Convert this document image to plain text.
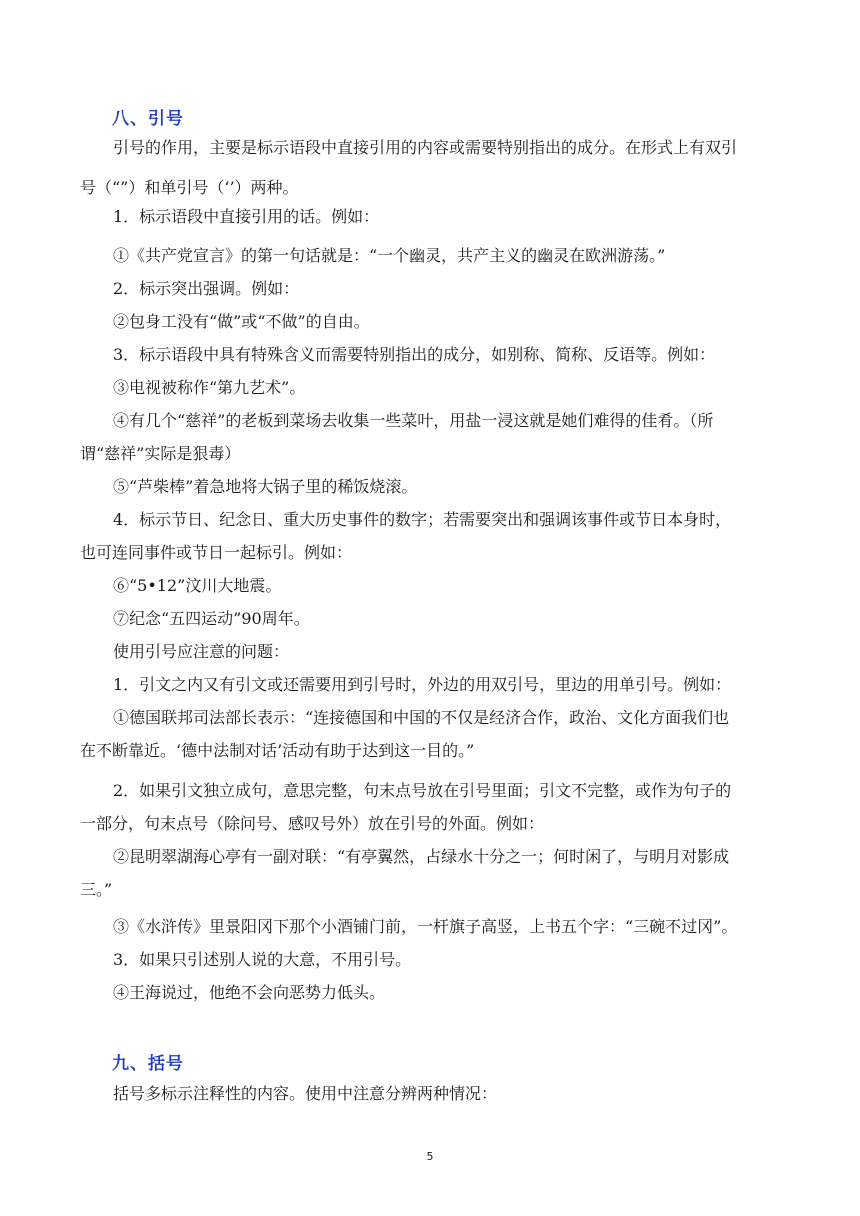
八、引号
引号的作用，主要是标示语段中直接引用的内容或需要特别指出的成分。在形式上有双引
号（“”）和单引号（‘’）两种。
1．标示语段中直接引用的话。例如：
①《共产党宣言》的第一句话就是：“一个幽灵，共产主义的幽灵在欧洲游荡。”
2．标示突出强调。例如：
②包身工没有“做”或“不做”的自由。
3．标示语段中具有特殊含义而需要特别指出的成分，如别称、简称、反语等。例如：
③电视被称作“第九艺术”。
④有几个“慈祥”的老板到菜场去收集一些菜叶，用盐一浸这就是她们难得的佳肴。（所
谓“慈祥”实际是狠毒）
⑤“芦柴棒”着急地将大锅子里的稀饭烧滚。
4．标示节日、纪念日、重大历史事件的数字；若需要突出和强调该事件或节日本身时，
也可连同事件或节日一起标引。例如：
⑥“5•12”汶川大地震。
⑦纪念“五四运动”90周年。
使用引号应注意的问题：
1．引文之内又有引文或还需要用到引号时，外边的用双引号，里边的用单引号。例如：
①德国联邦司法部长表示：“连接德国和中国的不仅是经济合作，政治、文化方面我们也
在不断靠近。‘德中法制对话’活动有助于达到这一目的。”
2．如果引文独立成句，意思完整，句末点号放在引号里面；引文不完整，或作为句子的
一部分，句末点号（除问号、感叹号外）放在引号的外面。例如：
②昆明翠湖海心亭有一副对联：“有亭翼然，占绿水十分之一；何时闲了，与明月对影成
三。”
③《水浒传》里景阳冈下那个小酒铺门前，一杆旗子高竖，上书五个字：“三碗不过冈”。
3．如果只引述别人说的大意，不用引号。
④王海说过，他绝不会向恶势力低头。
九、括号
括号多标示注释性的内容。使用中注意分辨两种情况：
5
